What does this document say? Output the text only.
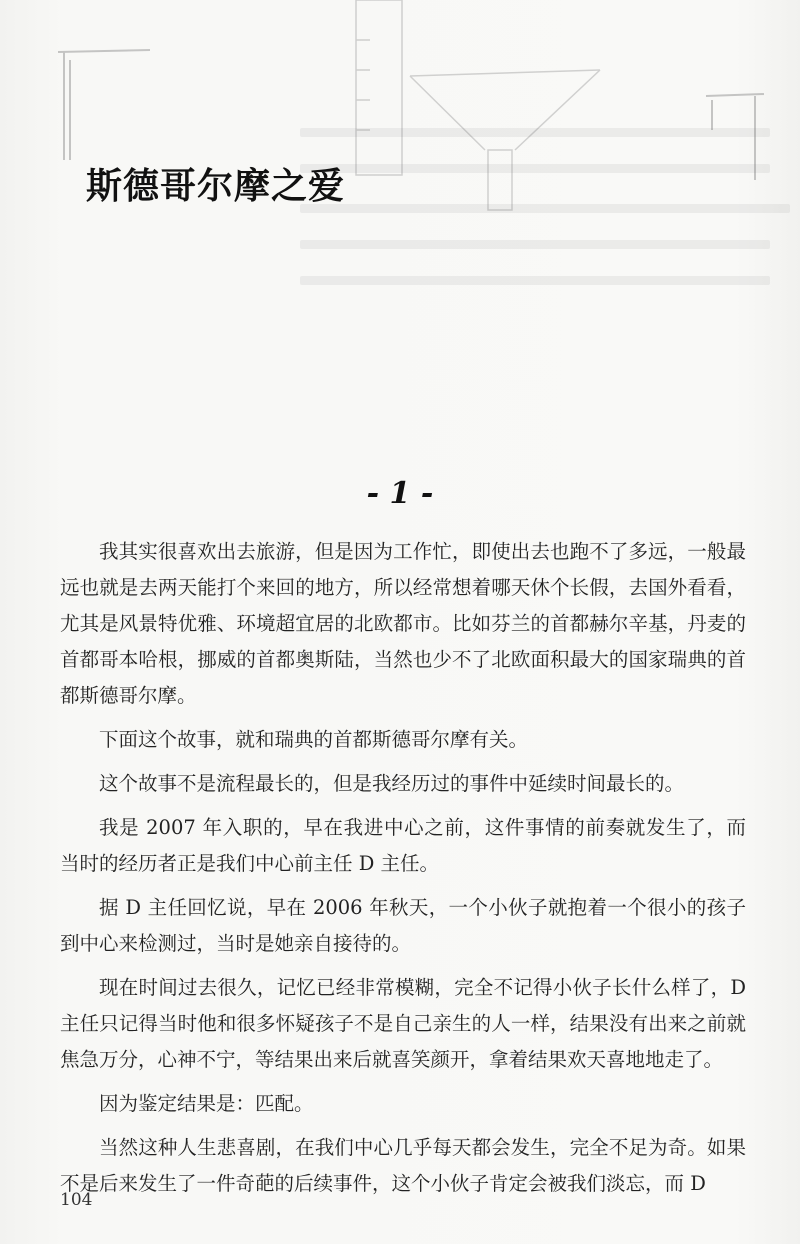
斯德哥尔摩之爱

- 1 -

我其实很喜欢出去旅游，但是因为工作忙，即使出去也跑不了多远，一般最远也就是去两天能打个来回的地方，所以经常想着哪天休个长假，去国外看看，尤其是风景特优雅、环境超宜居的北欧都市。比如芬兰的首都赫尔辛基，丹麦的首都哥本哈根，挪威的首都奥斯陆，当然也少不了北欧面积最大的国家瑞典的首都斯德哥尔摩。

下面这个故事，就和瑞典的首都斯德哥尔摩有关。

这个故事不是流程最长的，但是我经历过的事件中延续时间最长的。

我是 2007 年入职的，早在我进中心之前，这件事情的前奏就发生了，而当时的经历者正是我们中心前主任 D 主任。

据 D 主任回忆说，早在 2006 年秋天，一个小伙子就抱着一个很小的孩子到中心来检测过，当时是她亲自接待的。

现在时间过去很久，记忆已经非常模糊，完全不记得小伙子长什么样了，D 主任只记得当时他和很多怀疑孩子不是自己亲生的人一样，结果没有出来之前就焦急万分，心神不宁，等结果出来后就喜笑颜开，拿着结果欢天喜地地走了。

因为鉴定结果是：匹配。

当然这种人生悲喜剧，在我们中心几乎每天都会发生，完全不足为奇。如果不是后来发生了一件奇葩的后续事件，这个小伙子肯定会被我们淡忘，而 D

104
